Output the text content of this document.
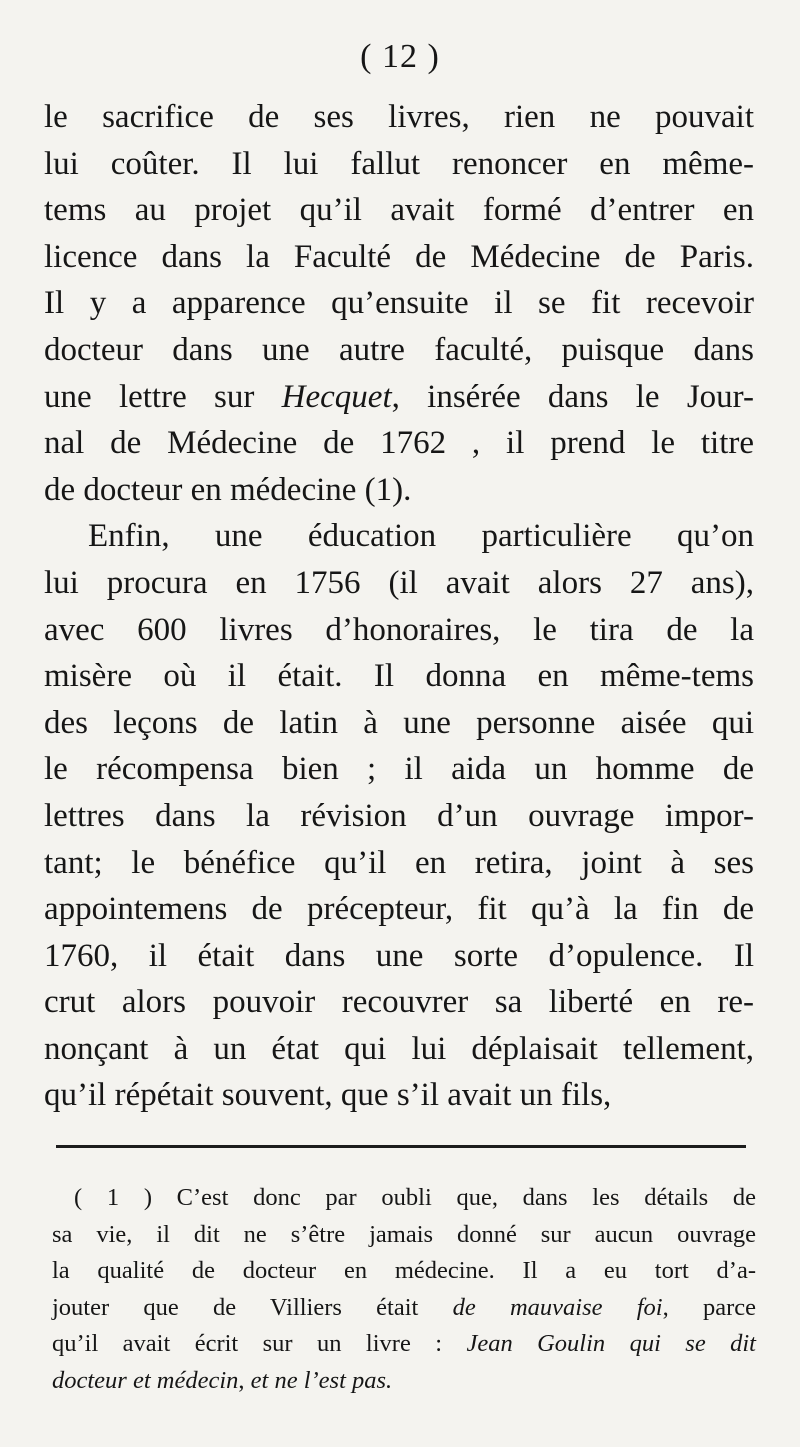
( 12 )
le sacrifice de ses livres, rien ne pouvait
lui coûter. Il lui fallut renoncer en même-
tems au projet qu’il avait formé d’entrer en
licence dans la Faculté de Médecine de Paris.
Il y a apparence qu’ensuite il se fit recevoir
docteur dans une autre faculté, puisque dans
une lettre sur Hecquet, insérée dans le Jour-
nal de Médecine de 1762 , il prend le titre
de docteur en médecine (1).
Enfin, une éducation particulière qu’on
lui procura en 1756 (il avait alors 27 ans),
avec 600 livres d’honoraires, le tira de la
misère où il était. Il donna en même-tems
des leçons de latin à une personne aisée qui
le récompensa bien ; il aida un homme de
lettres dans la révision d’un ouvrage impor-
tant; le bénéfice qu’il en retira, joint à ses
appointemens de précepteur, fit qu’à la fin de
1760, il était dans une sorte d’opulence. Il
crut alors pouvoir recouvrer sa liberté en re-
nonçant à un état qui lui déplaisait tellement,
qu’il répétait souvent, que s’il avait un fils,
( 1 ) C’est donc par oubli que, dans les détails de
sa vie, il dit ne s’être jamais donné sur aucun ouvrage
la qualité de docteur en médecine. Il a eu tort d’a-
jouter que de Villiers était de mauvaise foi, parce
qu’il avait écrit sur un livre : Jean Goulin qui se dit
docteur et médecin, et ne l’est pas.
